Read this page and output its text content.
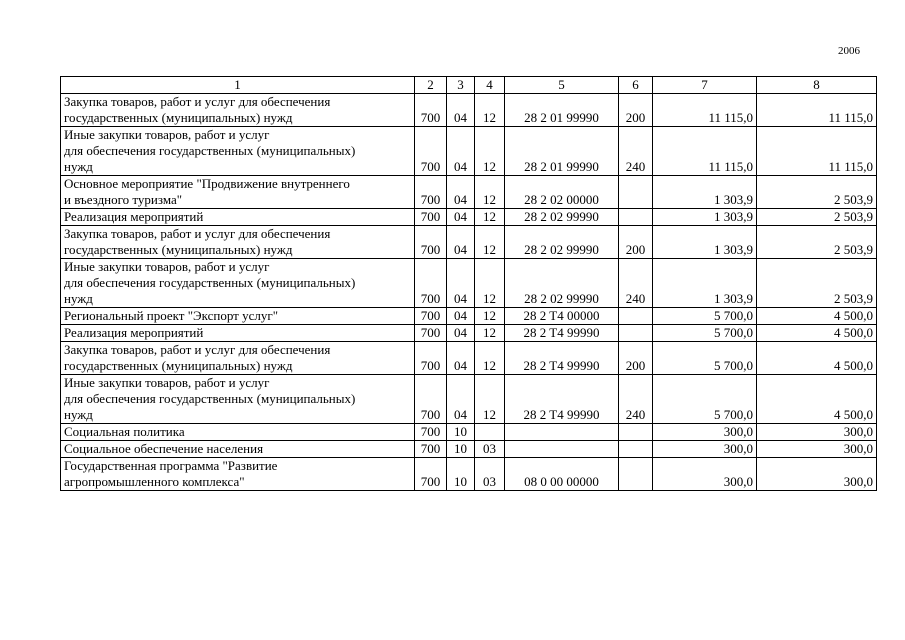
2006
1	2	3	4	5	6	7	8

Закупка товаров, работ и услуг для обеспечения
государственных (муниципальных) нужд	700	04	12	28 2 01 99990	200	11 115,0	11 115,0

Иные закупки товаров, работ и услуг
для обеспечения государственных (муниципальных)
нужд	700	04	12	28 2 01 99990	240	11 115,0	11 115,0

Основное мероприятие "Продвижение внутреннего
и въездного туризма"	700	04	12	28 2 02 00000		1 303,9	2 503,9

Реализация мероприятий	700	04	12	28 2 02 99990		1 303,9	2 503,9

Закупка товаров, работ и услуг для обеспечения
государственных (муниципальных) нужд	700	04	12	28 2 02 99990	200	1 303,9	2 503,9

Иные закупки товаров, работ и услуг
для обеспечения государственных (муниципальных)
нужд	700	04	12	28 2 02 99990	240	1 303,9	2 503,9

Региональный проект "Экспорт услуг"	700	04	12	28 2 T4 00000		5 700,0	4 500,0

Реализация мероприятий	700	04	12	28 2 T4 99990		5 700,0	4 500,0

Закупка товаров, работ и услуг для обеспечения
государственных (муниципальных) нужд	700	04	12	28 2 T4 99990	200	5 700,0	4 500,0

Иные закупки товаров, работ и услуг
для обеспечения государственных (муниципальных)
нужд	700	04	12	28 2 T4 99990	240	5 700,0	4 500,0

Социальная политика	700	10				300,0	300,0

Социальное обеспечение населения	700	10	03			300,0	300,0

Государственная программа "Развитие
агропромышленного комплекса"	700	10	03	08 0 00 00000		300,0	300,0
